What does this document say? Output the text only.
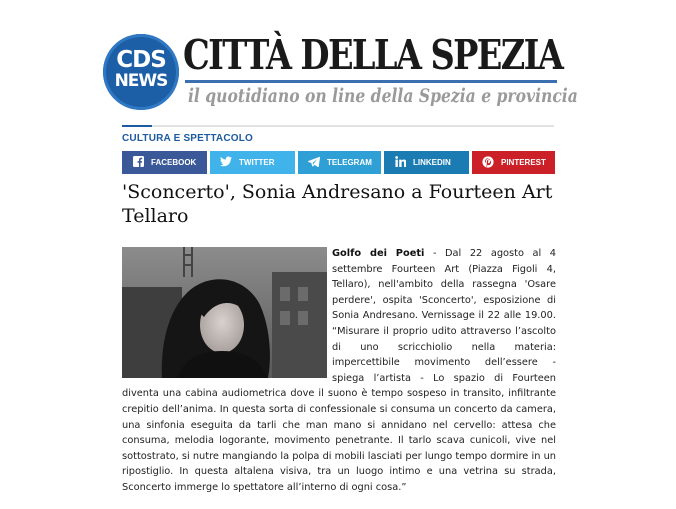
CDS
NEWS
CITTÀ DELLA SPEZIA
il quotidiano on line della Spezia e provincia
CULTURA E SPETTACOLO
FACEBOOK	TWITTER	TELEGRAM	LINKEDIN	PINTEREST
'Sconcerto', Sonia Andresano a Fourteen Art Tellaro
Golfo dei Poeti - Dal 22 agosto al 4 settembre Fourteen Art (Piazza Figoli 4, Tellaro), nell'ambito della rassegna 'Osare perdere', ospita 'Sconcerto', esposizione di Sonia Andresano. Vernissage il 22 alle 19.00. “Misurare il proprio udito attraverso l’ascolto di uno scricchiolio nella materia: impercettibile movimento dell’essere - spiega l’artista - Lo spazio di Fourteen diventa una cabina audiometrica dove il suono è tempo sospeso in transito, infiltrante crepitio dell’anima. In questa sorta di confessionale si consuma un concerto da camera, una sinfonia eseguita da tarli che man mano si annidano nel cervello: attesa che consuma, melodia logorante, movimento penetrante. Il tarlo scava cunicoli, vive nel sottostrato, si nutre mangiando la polpa di mobili lasciati per lungo tempo dormire in un ripostiglio. In questa altalena visiva, tra un luogo intimo e una vetrina su strada, Sconcerto immerge lo spettatore all’interno di ogni cosa.”
